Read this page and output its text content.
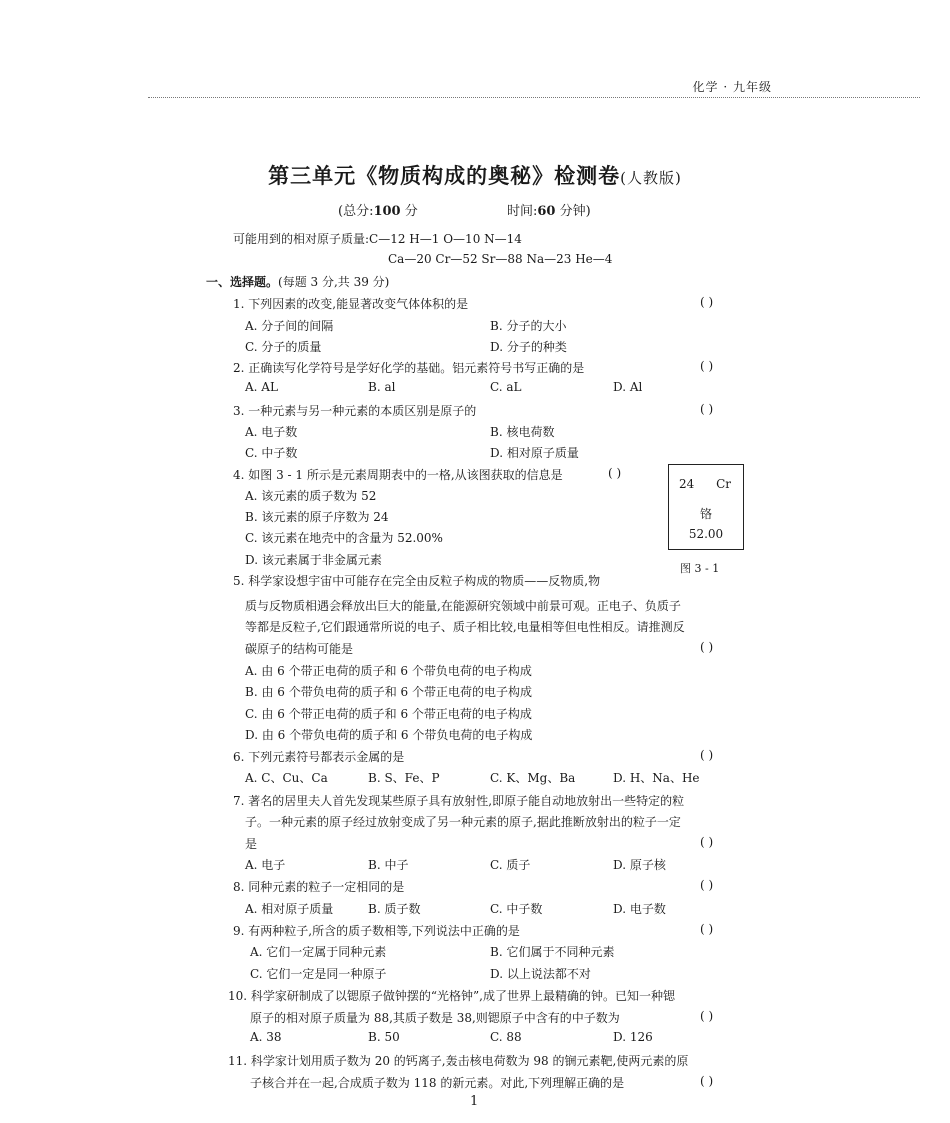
化学 · 九年级
第三单元《物质构成的奥秘》检测卷(人教版)
(总分:100 分	时间:60 分钟)
可能用到的相对原子质量:C—12 H—1 O—10 N—14
Ca—20 Cr—52 Sr—88 Na—23 He—4
一、选择题。(每题 3 分,共 39 分)
1. 下列因素的改变,能显著改变气体体积的是	( )
A. 分子间的间隔	B. 分子的大小
C. 分子的质量	D. 分子的种类
2. 正确读写化学符号是学好化学的基础。铝元素符号书写正确的是	( )
A. AL	B. al	C. aL	D. Al
3. 一种元素与另一种元素的本质区别是原子的	( )
A. 电子数	B. 核电荷数
C. 中子数	D. 相对原子质量
4. 如图 3 - 1 所示是元素周期表中的一格,从该图获取的信息是	( )
A. 该元素的质子数为 52
B. 该元素的原子序数为 24
C. 该元素在地壳中的含量为 52.00%
D. 该元素属于非金属元素
24 Cr
铬
52.00
图 3 - 1
5. 科学家设想宇宙中可能存在完全由反粒子构成的物质——反物质,物
质与反物质相遇会释放出巨大的能量,在能源研究领域中前景可观。正电子、负质子
等都是反粒子,它们跟通常所说的电子、质子相比较,电量相等但电性相反。请推测反
碳原子的结构可能是	( )
A. 由 6 个带正电荷的质子和 6 个带负电荷的电子构成
B. 由 6 个带负电荷的质子和 6 个带正电荷的电子构成
C. 由 6 个带正电荷的质子和 6 个带正电荷的电子构成
D. 由 6 个带负电荷的质子和 6 个带负电荷的电子构成
6. 下列元素符号都表示金属的是	( )
A. C、Cu、Ca	B. S、Fe、P	C. K、Mg、Ba	D. H、Na、He
7. 著名的居里夫人首先发现某些原子具有放射性,即原子能自动地放射出一些特定的粒
子。一种元素的原子经过放射变成了另一种元素的原子,据此推断放射出的粒子一定
是	( )
A. 电子	B. 中子	C. 质子	D. 原子核
8. 同种元素的粒子一定相同的是	( )
A. 相对原子质量	B. 质子数	C. 中子数	D. 电子数
9. 有两种粒子,所含的质子数相等,下列说法中正确的是	( )
A. 它们一定属于同种元素	B. 它们属于不同种元素
C. 它们一定是同一种原子	D. 以上说法都不对
10. 科学家研制成了以锶原子做钟摆的“光格钟”,成了世界上最精确的钟。已知一种锶
原子的相对原子质量为 88,其质子数是 38,则锶原子中含有的中子数为	( )
A. 38	B. 50	C. 88	D. 126
11. 科学家计划用质子数为 20 的钙离子,轰击核电荷数为 98 的锎元素靶,使两元素的原
子核合并在一起,合成质子数为 118 的新元素。对此,下列理解正确的是	( )
1
